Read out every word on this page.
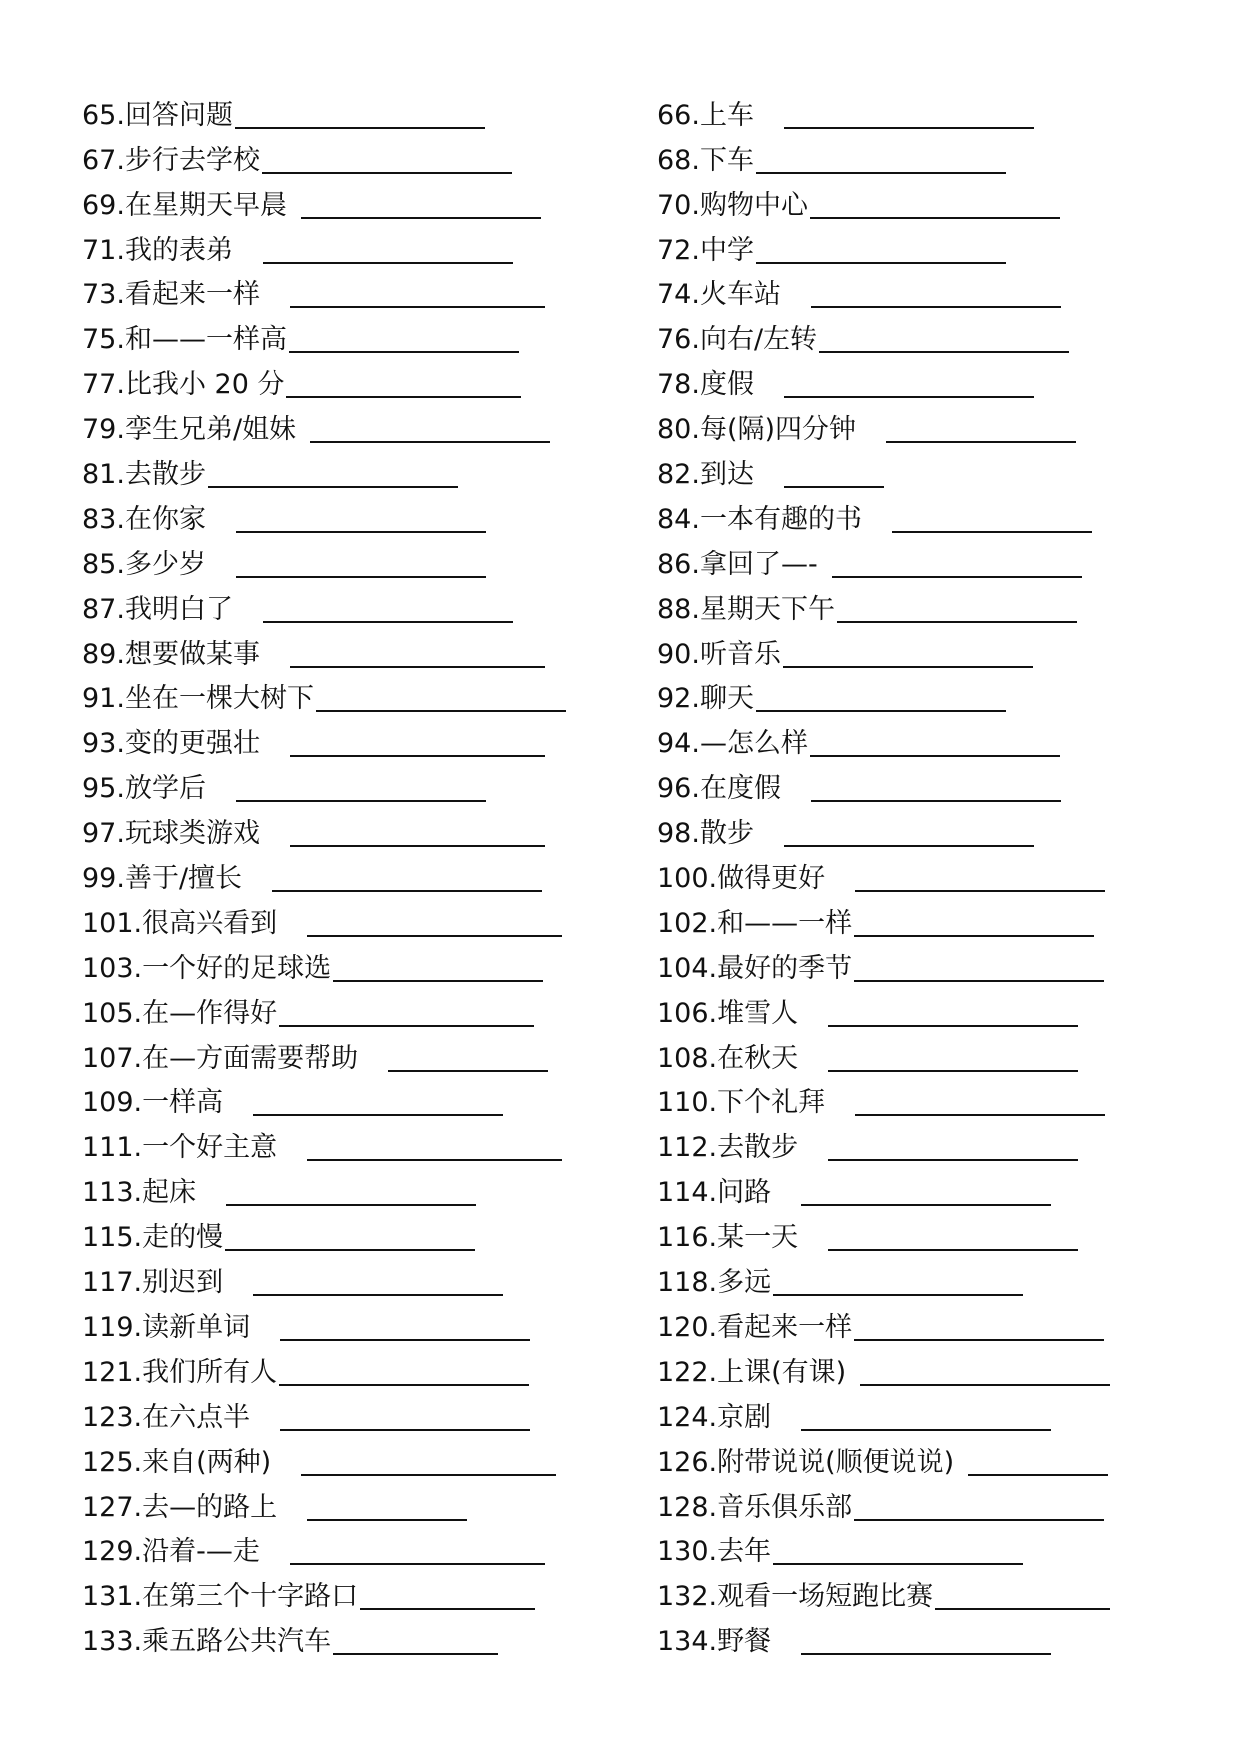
65. 回答问题
67. 步行去学校
69. 在星期天早晨
71. 我的表弟
73. 看起来一样
75. 和——一样高
77. 比我小 20 分
79. 孪生兄弟/姐妹
81. 去散步
83. 在你家
85. 多少岁
87. 我明白了
89. 想要做某事
91. 坐在一棵大树下
93. 变的更强壮
95. 放学后
97. 玩球类游戏
99. 善于/擅长
101. 很高兴看到
103. 一个好的足球选
105. 在—作得好
107. 在—方面需要帮助
109. 一样高
111. 一个好主意
113. 起床
115. 走的慢
117. 别迟到
119. 读新单词
121. 我们所有人
123. 在六点半
125. 来自(两种)
127. 去—的路上
129. 沿着-—走
131. 在第三个十字路口
133. 乘五路公共汽车
66. 上车
68. 下车
70. 购物中心
72. 中学
74. 火车站
76. 向右/左转
78. 度假
80. 每(隔)四分钟
82. 到达
84. 一本有趣的书
86. 拿回了—-
88. 星期天下午
90. 听音乐
92. 聊天
94. —怎么样
96. 在度假
98. 散步
100. 做得更好
102. 和——一样
104. 最好的季节
106. 堆雪人
108. 在秋天
110. 下个礼拜
112. 去散步
114. 问路
116. 某一天
118. 多远
120. 看起来一样
122. 上课(有课)
124. 京剧
126. 附带说说(顺便说说)
128. 音乐俱乐部
130. 去年
132. 观看一场短跑比赛
134. 野餐
